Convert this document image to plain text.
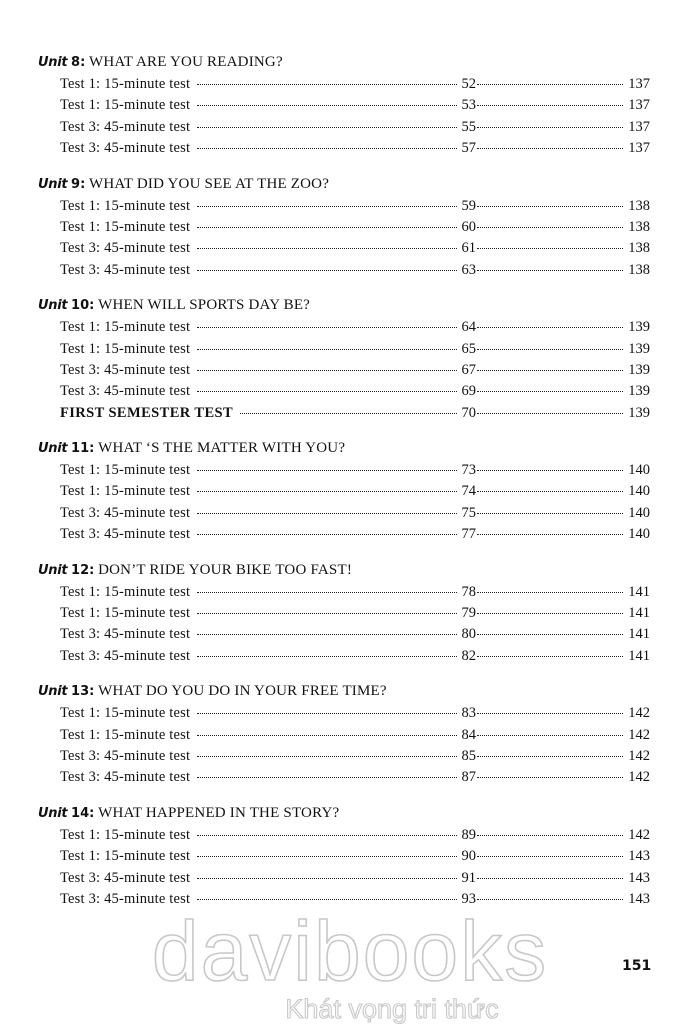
Unit 8: WHAT ARE YOU READING?
Test 1: 15-minute test	52	137
Test 1: 15-minute test	53	137
Test 3: 45-minute test	55	137
Test 3: 45-minute test	57	137
Unit 9: WHAT DID YOU SEE AT THE ZOO?
Test 1: 15-minute test	59	138
Test 1: 15-minute test	60	138
Test 3: 45-minute test	61	138
Test 3: 45-minute test	63	138
Unit 10: WHEN WILL SPORTS DAY BE?
Test 1: 15-minute test	64	139
Test 1: 15-minute test	65	139
Test 3: 45-minute test	67	139
Test 3: 45-minute test	69	139
FIRST SEMESTER TEST	70	139
Unit 11: WHAT ‘S THE MATTER WITH YOU?
Test 1: 15-minute test	73	140
Test 1: 15-minute test	74	140
Test 3: 45-minute test	75	140
Test 3: 45-minute test	77	140
Unit 12: DON’T RIDE YOUR BIKE TOO FAST!
Test 1: 15-minute test	78	141
Test 1: 15-minute test	79	141
Test 3: 45-minute test	80	141
Test 3: 45-minute test	82	141
Unit 13: WHAT DO YOU DO IN YOUR FREE TIME?
Test 1: 15-minute test	83	142
Test 1: 15-minute test	84	142
Test 3: 45-minute test	85	142
Test 3: 45-minute test	87	142
Unit 14: WHAT HAPPENED IN THE STORY?
Test 1: 15-minute test	89	142
Test 1: 15-minute test	90	143
Test 3: 45-minute test	91	143
Test 3: 45-minute test	93	143
davibooks
Khát vọng tri thức
151
